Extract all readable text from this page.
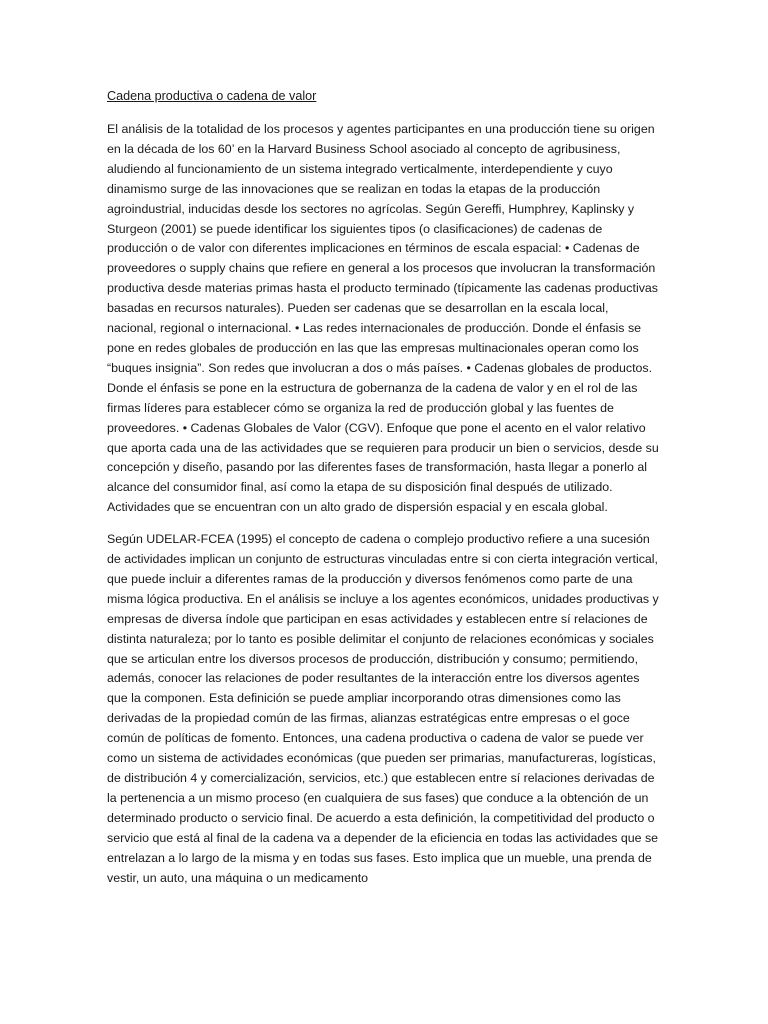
Cadena productiva o cadena de valor

El análisis de la totalidad de los procesos y agentes participantes en una producción tiene su origen en la década de los 60’ en la Harvard Business School asociado al concepto de agribusiness, aludiendo al funcionamiento de un sistema integrado verticalmente, interdependiente y cuyo dinamismo surge de las innovaciones que se realizan en todas la etapas de la producción agroindustrial, inducidas desde los sectores no agrícolas. Según Gereffi, Humphrey, Kaplinsky y Sturgeon (2001) se puede identificar los siguientes tipos (o clasificaciones) de cadenas de producción o de valor con diferentes implicaciones en términos de escala espacial: • Cadenas de proveedores o supply chains que refiere en general a los procesos que involucran la transformación productiva desde materias primas hasta el producto terminado (típicamente las cadenas productivas basadas en recursos naturales). Pueden ser cadenas que se desarrollan en la escala local, nacional, regional o internacional. • Las redes internacionales de producción. Donde el énfasis se pone en redes globales de producción en las que las empresas multinacionales operan como los “buques insignia”. Son redes que involucran a dos o más países. • Cadenas globales de productos. Donde el énfasis se pone en la estructura de gobernanza de la cadena de valor y en el rol de las firmas líderes para establecer cómo se organiza la red de producción global y las fuentes de proveedores. • Cadenas Globales de Valor (CGV). Enfoque que pone el acento en el valor relativo que aporta cada una de las actividades que se requieren para producir un bien o servicios, desde su concepción y diseño, pasando por las diferentes fases de transformación, hasta llegar a ponerlo al alcance del consumidor final, así como la etapa de su disposición final después de utilizado. Actividades que se encuentran con un alto grado de dispersión espacial y en escala global.

Según UDELAR-FCEA (1995) el concepto de cadena o complejo productivo refiere a una sucesión de actividades implican un conjunto de estructuras vinculadas entre si con cierta integración vertical, que puede incluir a diferentes ramas de la producción y diversos fenómenos como parte de una misma lógica productiva. En el análisis se incluye a los agentes económicos, unidades productivas y empresas de diversa índole que participan en esas actividades y establecen entre sí relaciones de distinta naturaleza; por lo tanto es posible delimitar el conjunto de relaciones económicas y sociales que se articulan entre los diversos procesos de producción, distribución y consumo; permitiendo, además, conocer las relaciones de poder resultantes de la interacción entre los diversos agentes que la componen. Esta definición se puede ampliar incorporando otras dimensiones como las derivadas de la propiedad común de las firmas, alianzas estratégicas entre empresas o el goce común de políticas de fomento. Entonces, una cadena productiva o cadena de valor se puede ver como un sistema de actividades económicas (que pueden ser primarias, manufactureras, logísticas, de distribución 4 y comercialización, servicios, etc.) que establecen entre sí relaciones derivadas de la pertenencia a un mismo proceso (en cualquiera de sus fases) que conduce a la obtención de un determinado producto o servicio final. De acuerdo a esta definición, la competitividad del producto o servicio que está al final de la cadena va a depender de la eficiencia en todas las actividades que se entrelazan a lo largo de la misma y en todas sus fases. Esto implica que un mueble, una prenda de vestir, un auto, una máquina o un medicamento
